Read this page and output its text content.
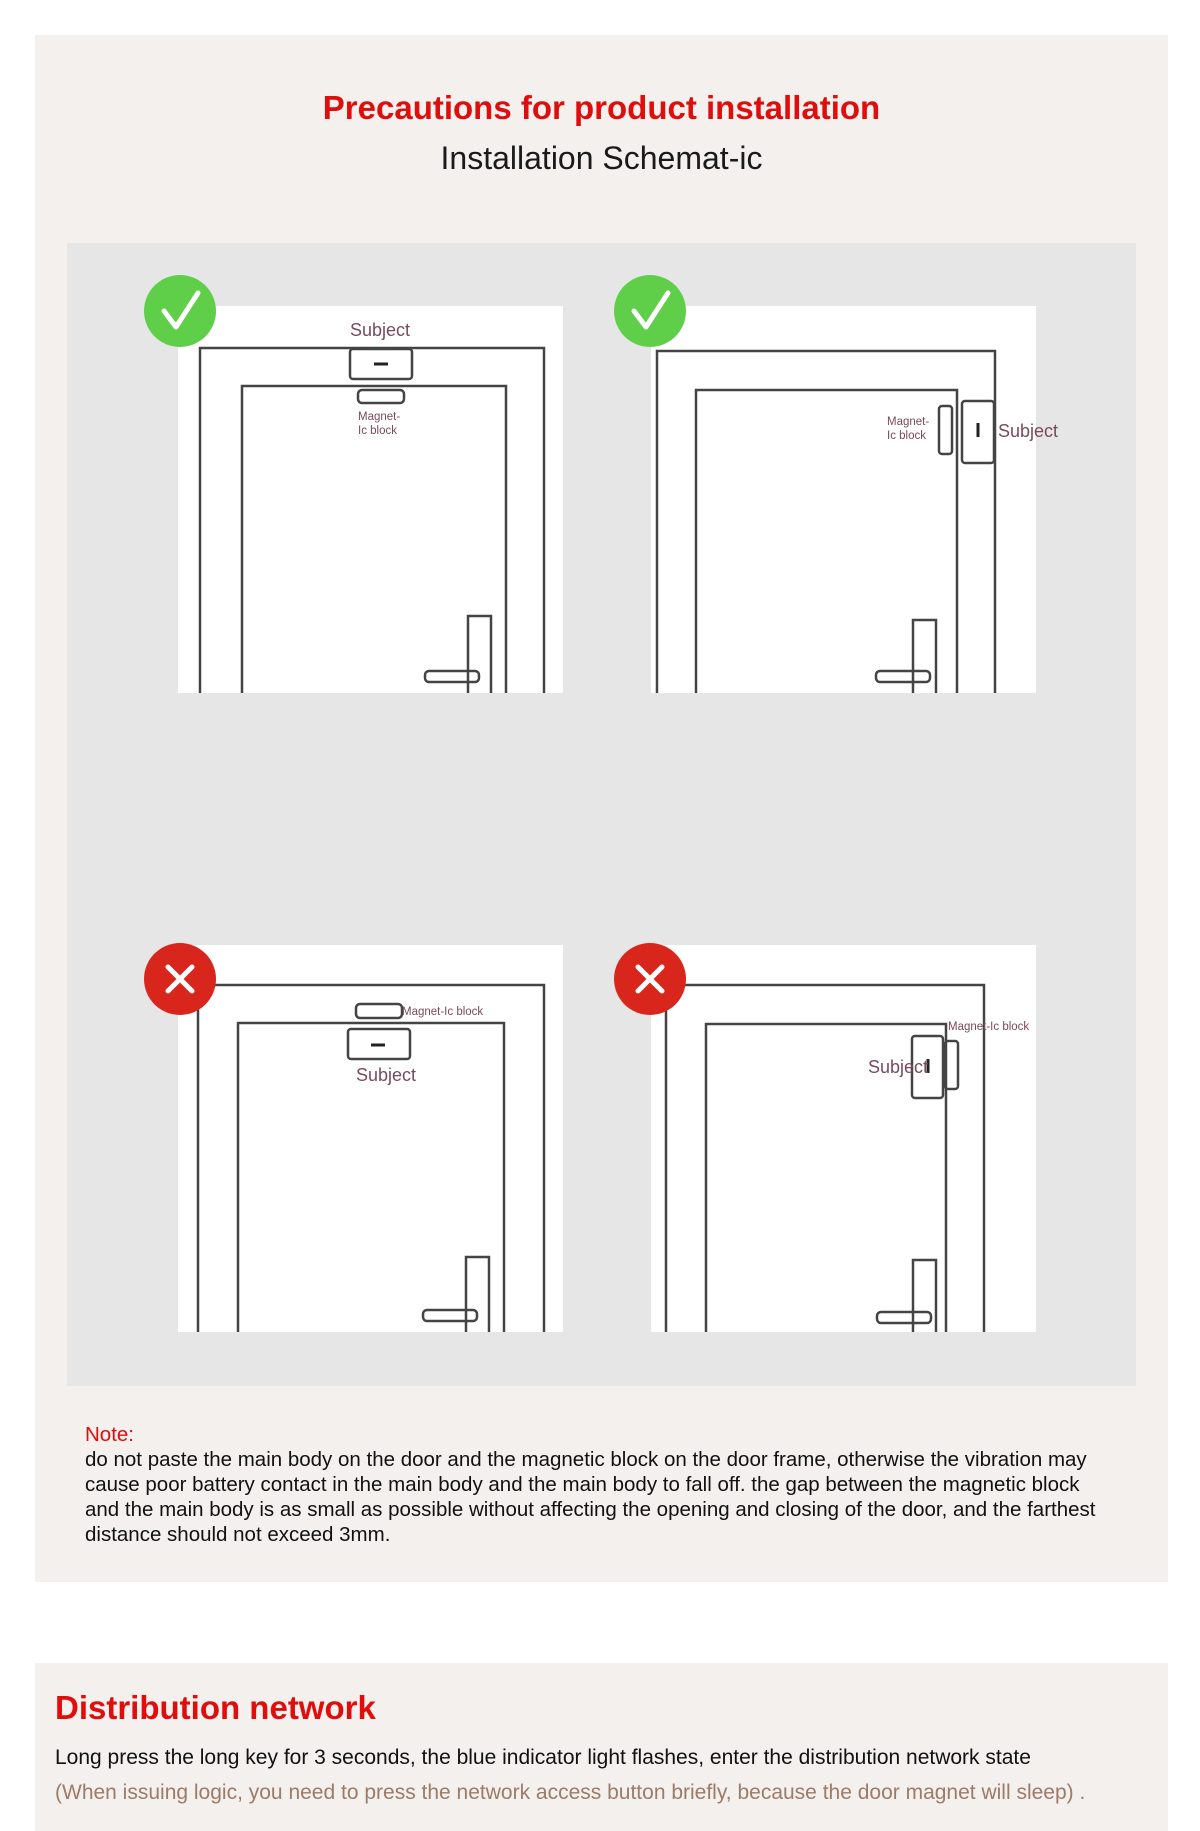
Precautions for product installation
Installation Schemat-ic
Subject
Magnet-
Ic block	Subject
Magnet-
Ic block
Subject
Magnet-Ic block
Subject
Magnet-Ic block
Note:
do not paste the main body on the door and the magnetic block on the door frame, otherwise the vibration may cause poor battery contact in the main body and the main body to fall off. the gap between the magnetic block and the main body is as small as possible without affecting the opening and closing of the door, and the farthest distance should not exceed 3mm.
Distribution network
Long press the long key for 3 seconds, the blue indicator light flashes, enter the distribution network state
(When issuing logic, you need to press the network access button briefly, because the door magnet will sleep) .
